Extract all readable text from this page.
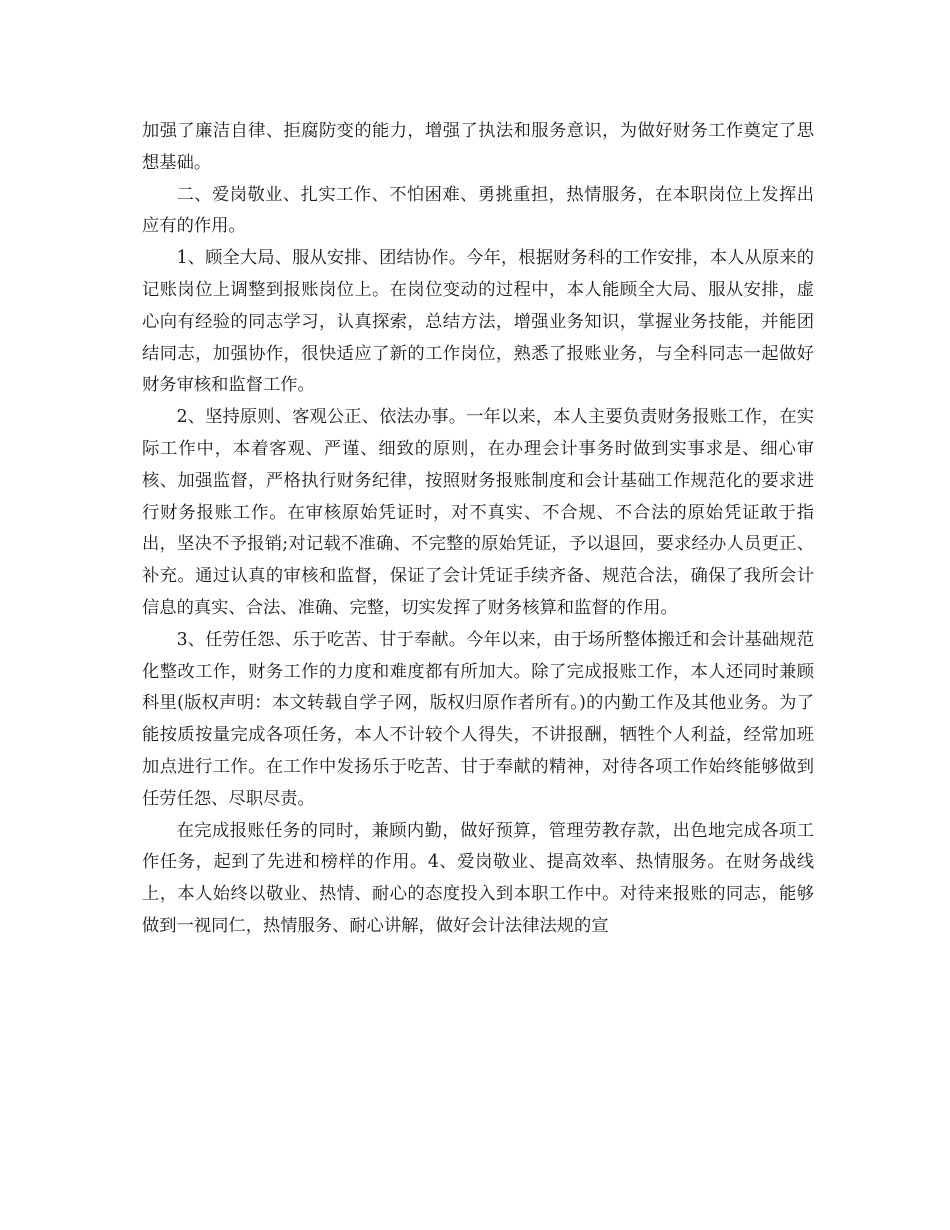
加强了廉洁自律、拒腐防变的能力，增强了执法和服务意识，为做好财务工作奠定了思想基础。

二、爱岗敬业、扎实工作、不怕困难、勇挑重担，热情服务，在本职岗位上发挥出应有的作用。

1、顾全大局、服从安排、团结协作。今年，根据财务科的工作安排，本人从原来的记账岗位上调整到报账岗位上。在岗位变动的过程中，本人能顾全大局、服从安排，虚心向有经验的同志学习，认真探索，总结方法，增强业务知识，掌握业务技能，并能团结同志，加强协作，很快适应了新的工作岗位，熟悉了报账业务，与全科同志一起做好财务审核和监督工作。

2、坚持原则、客观公正、依法办事。一年以来，本人主要负责财务报账工作，在实际工作中，本着客观、严谨、细致的原则，在办理会计事务时做到实事求是、细心审核、加强监督，严格执行财务纪律，按照财务报账制度和会计基础工作规范化的要求进行财务报账工作。在审核原始凭证时，对不真实、不合规、不合法的原始凭证敢于指出，坚决不予报销;对记载不准确、不完整的原始凭证，予以退回，要求经办人员更正、补充。通过认真的审核和监督，保证了会计凭证手续齐备、规范合法，确保了我所会计信息的真实、合法、准确、完整，切实发挥了财务核算和监督的作用。

3、任劳任怨、乐于吃苦、甘于奉献。今年以来，由于场所整体搬迁和会计基础规范化整改工作，财务工作的力度和难度都有所加大。除了完成报账工作，本人还同时兼顾科里(版权声明：本文转载自学子网，版权归原作者所有。)的内勤工作及其他业务。为了能按质按量完成各项任务，本人不计较个人得失，不讲报酬，牺牲个人利益，经常加班加点进行工作。在工作中发扬乐于吃苦、甘于奉献的精神，对待各项工作始终能够做到任劳任怨、尽职尽责。

在完成报账任务的同时，兼顾内勤，做好预算，管理劳教存款，出色地完成各项工作任务，起到了先进和榜样的作用。4、爱岗敬业、提高效率、热情服务。在财务战线上，本人始终以敬业、热情、耐心的态度投入到本职工作中。对待来报账的同志，能够做到一视同仁，热情服务、耐心讲解，做好会计法律法规的宣
